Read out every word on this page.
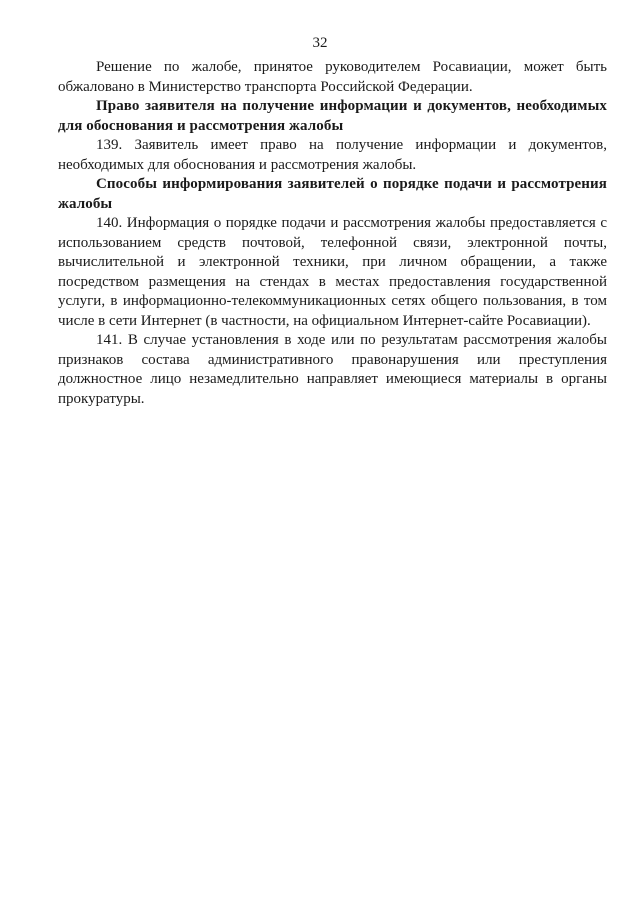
32

Решение по жалобе, принятое руководителем Росавиации, может быть обжаловано в Министерство транспорта Российской Федерации.

Право заявителя на получение информации и документов, необходимых для обоснования и рассмотрения жалобы

139. Заявитель имеет право на получение информации и документов, необходимых для обоснования и рассмотрения жалобы.

Способы информирования заявителей о порядке подачи и рассмотрения жалобы

140. Информация о порядке подачи и рассмотрения жалобы предоставляется с использованием средств почтовой, телефонной связи, электронной почты, вычислительной и электронной техники, при личном обращении, а также посредством размещения на стендах в местах предоставления государственной услуги, в информационно-телекоммуникационных сетях общего пользования, в том числе в сети Интернет (в частности, на официальном Интернет-сайте Росавиации).

141. В случае установления в ходе или по результатам рассмотрения жалобы признаков состава административного правонарушения или преступления должностное лицо незамедлительно направляет имеющиеся материалы в органы прокуратуры.
